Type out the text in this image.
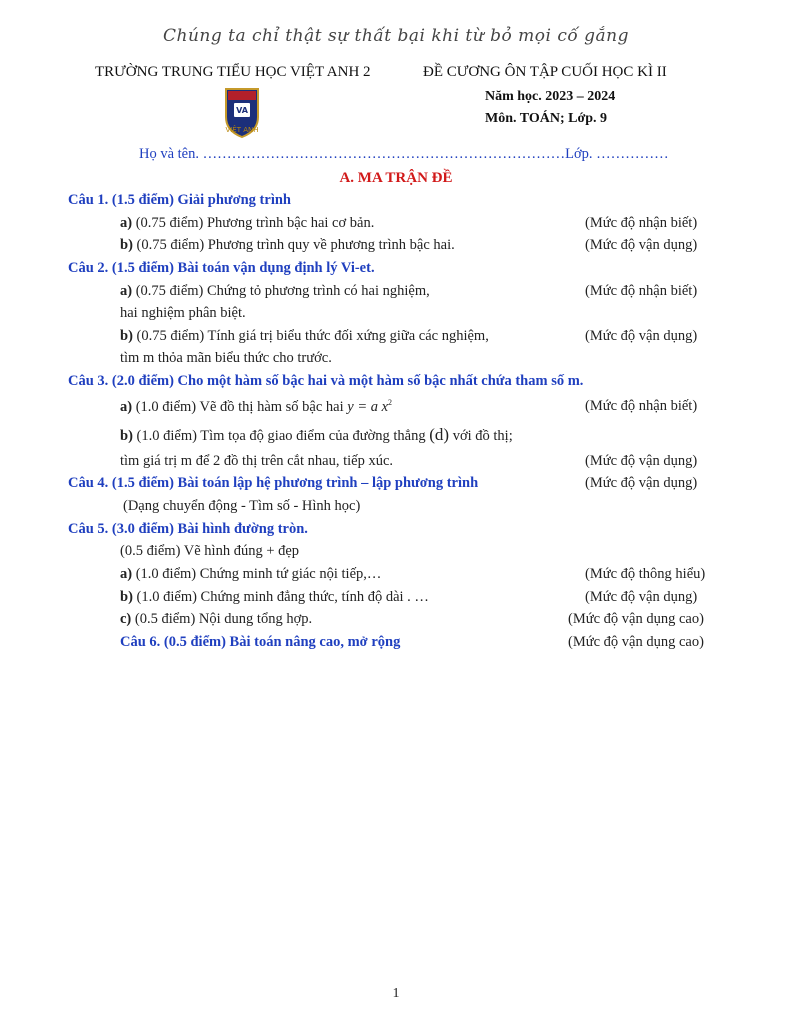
Chúng ta chỉ thật sự thất bại khi từ bỏ mọi cố gắng
TRƯỜNG TRUNG TIỂU HỌC VIỆT ANH 2	ĐỀ CƯƠNG ÔN TẬP CUỐI HỌC KÌ II
VA
VIỆT ANH
Năm học. 2023 – 2024
Môn. TOÁN; Lớp. 9
Họ và tên. …………………………………………………………………Lớp. ……………
A. MA TRẬN ĐỀ
Câu 1. (1.5 điểm) Giải phương trình
a) (0.75 điểm) Phương trình bậc hai cơ bản.	(Mức độ nhận biết)
b) (0.75 điểm) Phương trình quy về phương trình bậc hai.	(Mức độ vận dụng)
Câu 2. (1.5 điểm) Bài toán vận dụng định lý Vi-et.
a) (0.75 điểm) Chứng tỏ phương trình có hai nghiệm,	(Mức độ nhận biết)
hai nghiệm phân biệt.
b) (0.75 điểm) Tính giá trị biểu thức đối xứng giữa các nghiệm,	(Mức độ vận dụng)
tìm m thỏa mãn biểu thức cho trước.
Câu 3. (2.0 điểm) Cho một hàm số bậc hai và một hàm số bậc nhất chứa tham số m.
a) (1.0 điểm) Vẽ đồ thị hàm số bậc hai y = a $x^2$	(Mức độ nhận biết)
b) (1.0 điểm) Tìm tọa độ giao điểm của đường thẳng (d) với đồ thị;
tìm giá trị m để 2 đồ thị trên cắt nhau, tiếp xúc.	(Mức độ vận dụng)
Câu 4. (1.5 điểm) Bài toán lập hệ phương trình – lập phương trình	(Mức độ vận dụng)
(Dạng chuyển động - Tìm số - Hình học)
Câu 5. (3.0 điểm) Bài hình đường tròn.
(0.5 điểm) Vẽ hình đúng + đẹp
a) (1.0 điểm) Chứng minh tứ giác nội tiếp,…	(Mức độ thông hiểu)
b) (1.0 điểm) Chứng minh đẳng thức, tính độ dài . …	(Mức độ vận dụng)
c) (0.5 điểm) Nội dung tổng hợp.	(Mức độ vận dụng cao)
Câu 6. (0.5 điểm) Bài toán nâng cao, mở rộng	(Mức độ vận dụng cao)
1
